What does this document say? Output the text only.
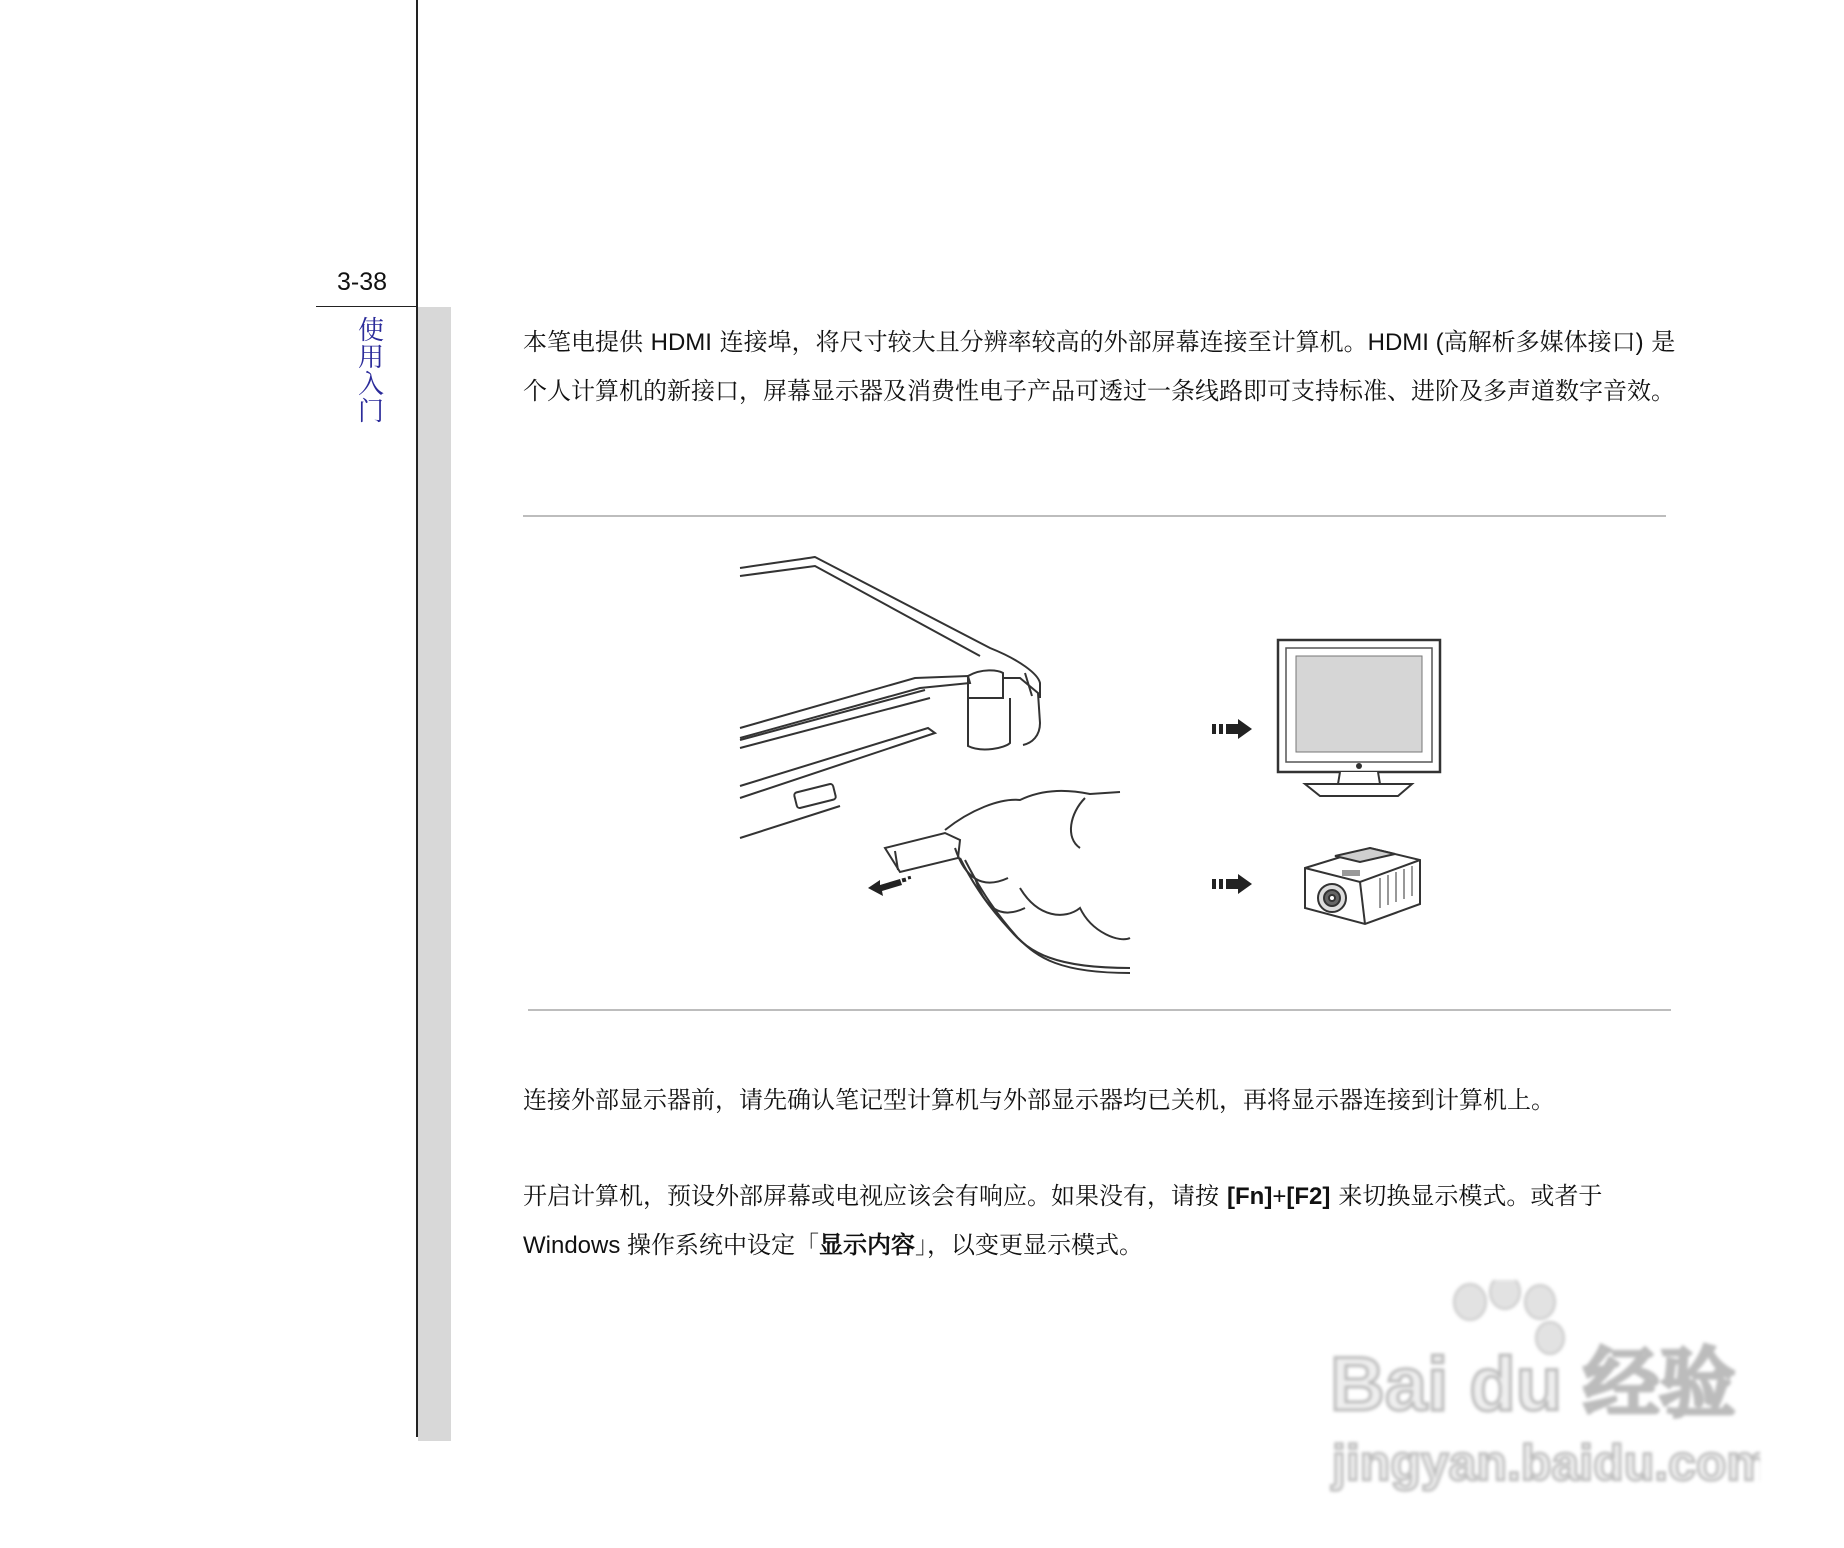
3-38
使用入门

本笔电提供 HDMI 连接埠，将尺寸较大且分辨率较高的外部屏幕连接至计算机。HDMI (高解析多媒体接口) 是个人计算机的新接口，屏幕显示器及消费性电子产品可透过一条线路即可支持标准、进阶及多声道数字音效。

连接外部显示器前，请先确认笔记型计算机与外部显示器均已关机，再将显示器连接到计算机上。

开启计算机，预设外部屏幕或电视应该会有响应。如果没有，请按 [Fn]+[F2] 来切换显示模式。或者于 Windows 操作系统中设定「显示内容」，以变更显示模式。

Bai du 经验
jingyan.baidu.com
